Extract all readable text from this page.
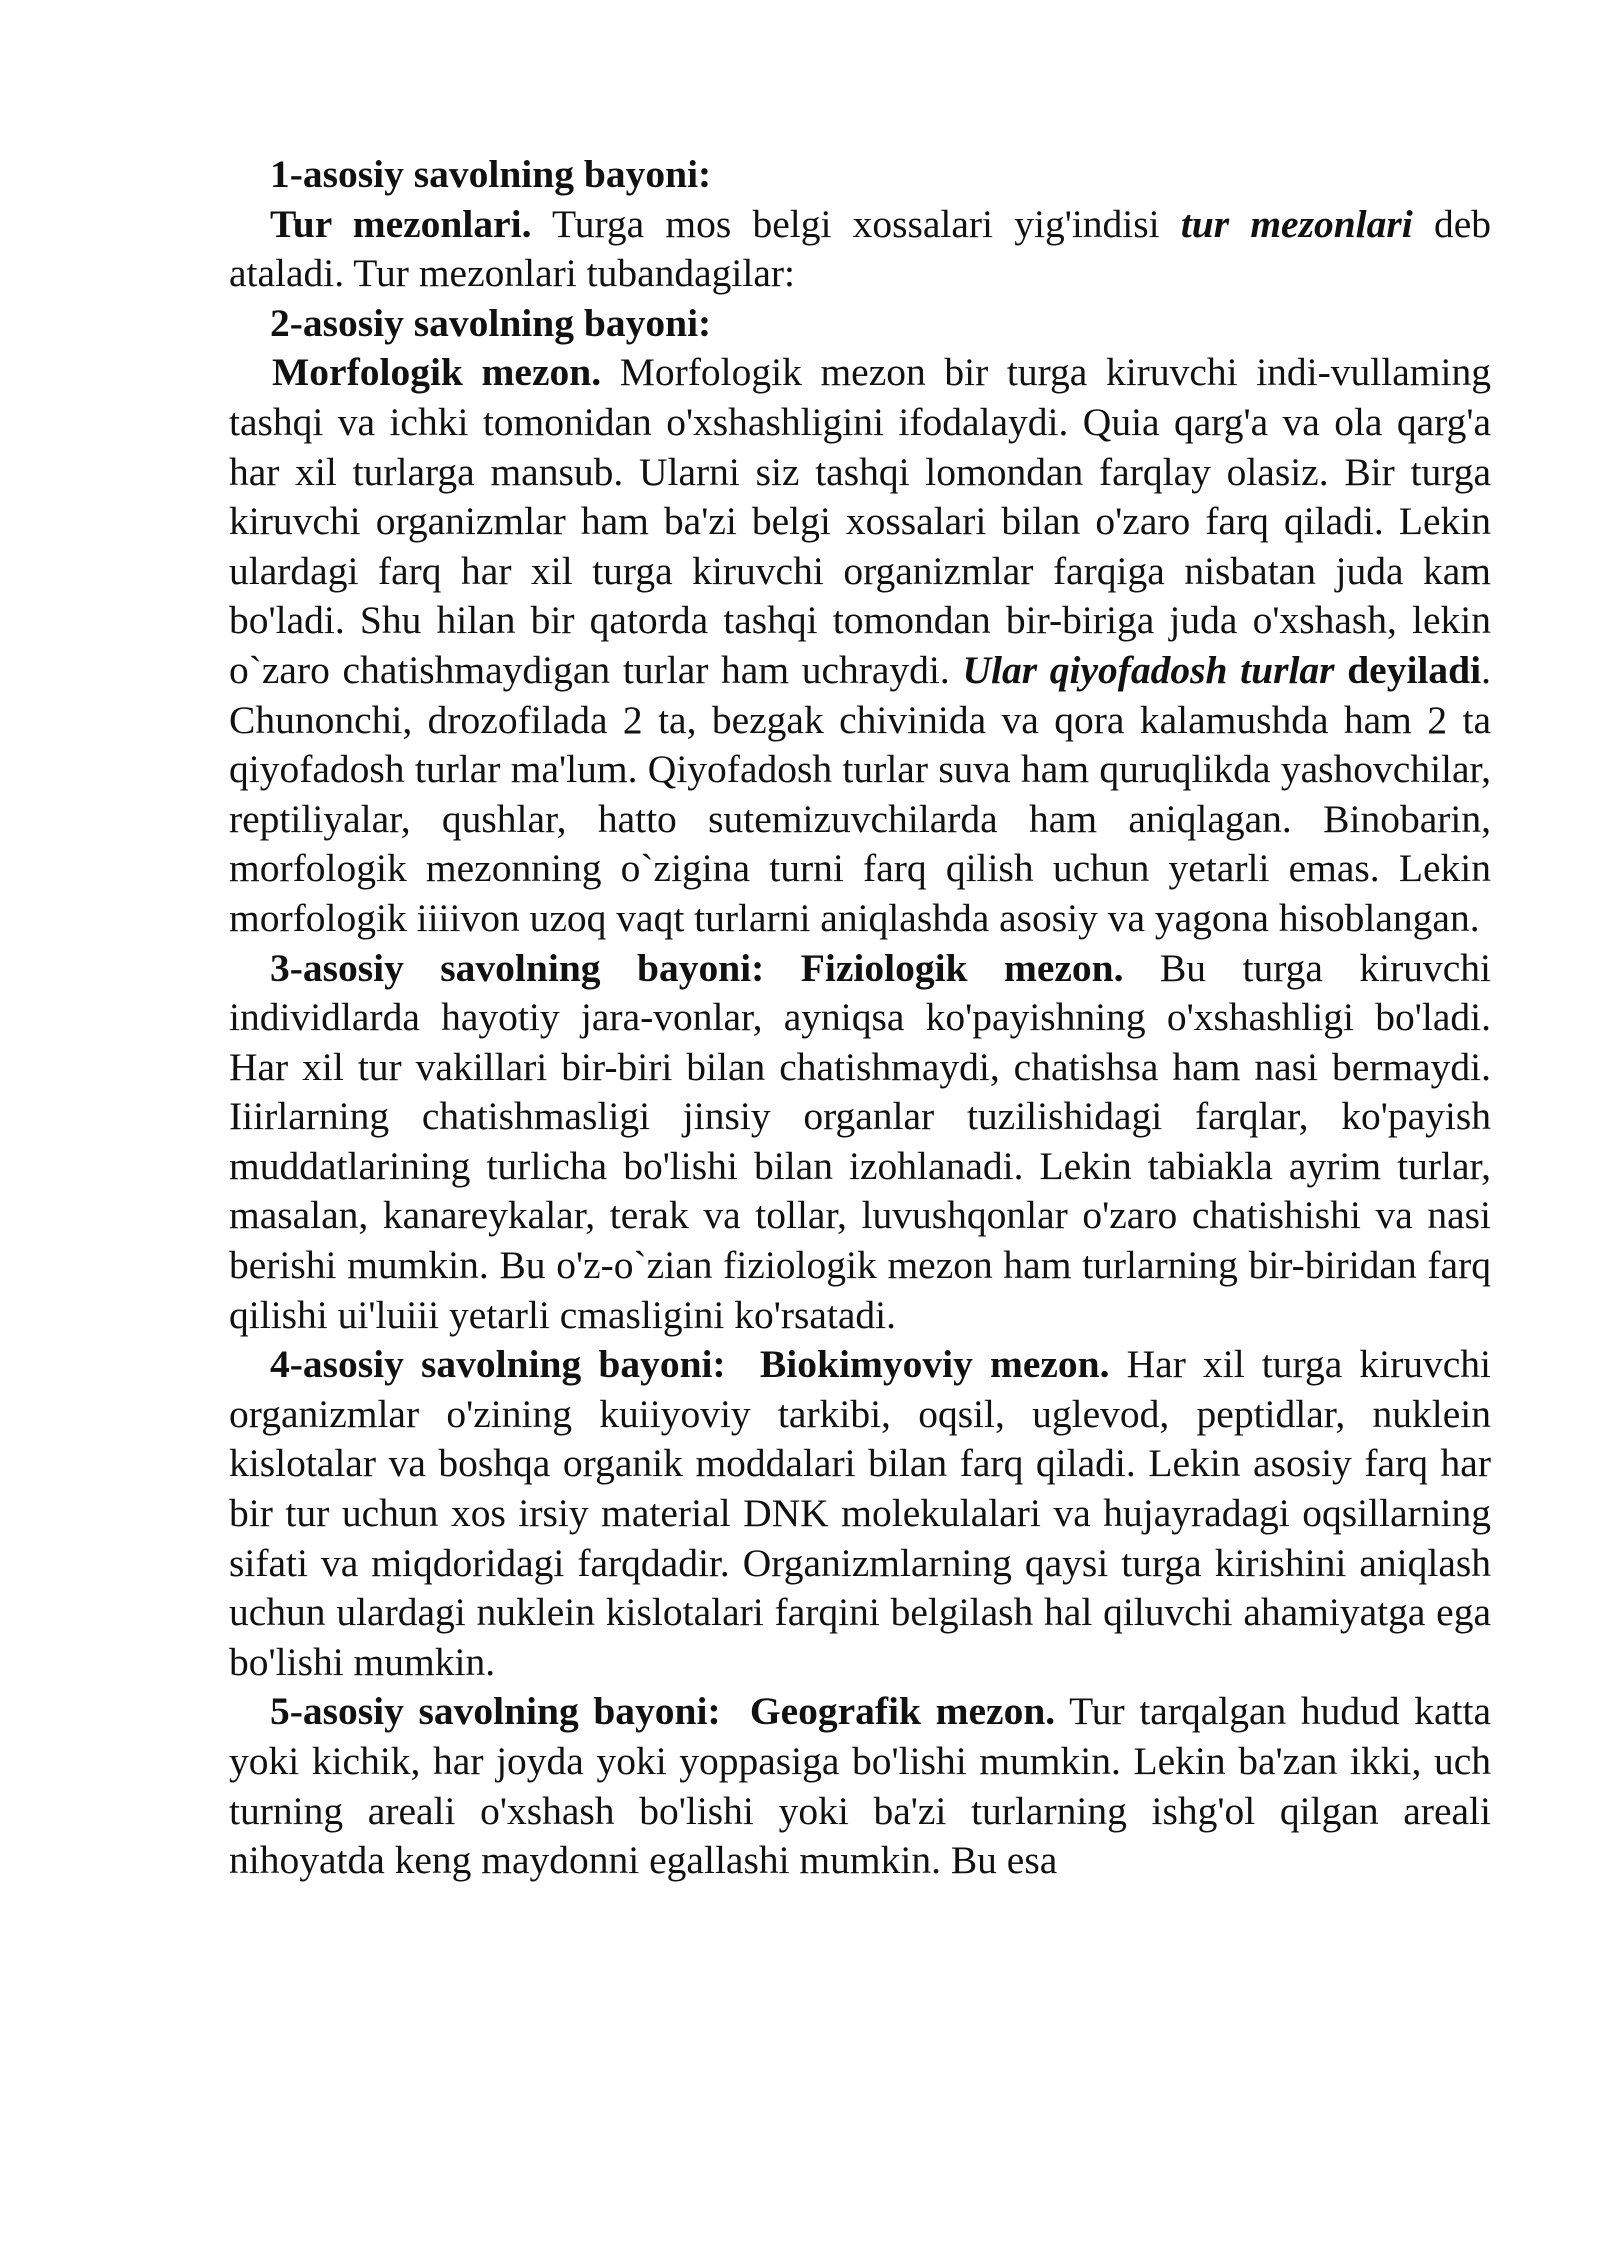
1-asosiy savolning bayoni:

Tur mezonlari. Turga mos belgi xossalari yig'indisi tur mezonlari deb ataladi. Tur mezonlari tubandagilar:

2-asosiy savolning bayoni:

Morfologik mezon. Morfologik mezon bir turga kiruvchi indi-vullaming tashqi va ichki tomonidan o'xshashligini ifodalaydi. Quia qarg'a va ola qarg'a har xil turlarga mansub. Ularni siz tashqi lomondan farqlay olasiz. Bir turga kiruvchi organizmlar ham ba'zi belgi xossalari bilan o'zaro farq qiladi. Lekin ulardagi farq har xil turga kiruvchi organizmlar farqiga nisbatan juda kam bo'ladi. Shu hilan bir qatorda tashqi tomondan bir-biriga juda o'xshash, lekin o`zaro chatishmaydigan turlar ham uchraydi. Ular qiyofadosh turlar deyiladi. Chunonchi, drozofilada 2 ta, bezgak chivinida va qora kalamushda ham 2 ta qiyofadosh turlar ma'lum. Qiyofadosh turlar suva ham quruqlikda yashovchilar, reptiliyalar, qushlar, hatto sutemizuvchilarda ham aniqlagan. Binobarin, morfologik mezonning o`zigina turni farq qilish uchun yetarli emas. Lekin morfologik iiiivon uzoq vaqt turlarni aniqlashda asosiy va yagona hisoblangan.

3-asosiy savolning bayoni: Fiziologik mezon. Bu turga kiruvchi individlarda hayotiy jara-vonlar, ayniqsa ko'payishning o'xshashligi bo'ladi. Har xil tur vakillari bir-biri bilan chatishmaydi, chatishsa ham nasi bermaydi. Iiirlarning chatishmasligi jinsiy organlar tuzilishidagi farqlar, ko'payish muddatlarining turlicha bo'lishi bilan izohlanadi. Lekin tabiakla ayrim turlar, masalan, kanareykalar, terak va tollar, luvushqonlar o'zaro chatishishi va nasi berishi mumkin. Bu o'z-o`zian fiziologik mezon ham turlarning bir-biridan farq qilishi ui'luiii yetarli cmasligini ko'rsatadi.

4-asosiy savolning bayoni:  Biokimyoviy mezon. Har xil turga kiruvchi organizmlar o'zining kuiiyoviy tarkibi, oqsil, uglevod, peptidlar, nuklein kislotalar va boshqa organik moddalari bilan farq qiladi. Lekin asosiy farq har bir tur uchun xos irsiy material DNK molekulalari va hujayradagi oqsillarning sifati va miqdoridagi farqdadir. Organizmlarning qaysi turga kirishini aniqlash uchun ulardagi nuklein kislotalari farqini belgilash hal qiluvchi ahamiyatga ega bo'lishi mumkin.

5-asosiy savolning bayoni:  Geografik mezon. Tur tarqalgan hudud katta yoki kichik, har joyda yoki yoppasiga bo'lishi mumkin. Lekin ba'zan ikki, uch turning areali o'xshash bo'lishi yoki ba'zi turlarning ishg'ol qilgan areali nihoyatda keng maydonni egallashi mumkin. Bu esa
